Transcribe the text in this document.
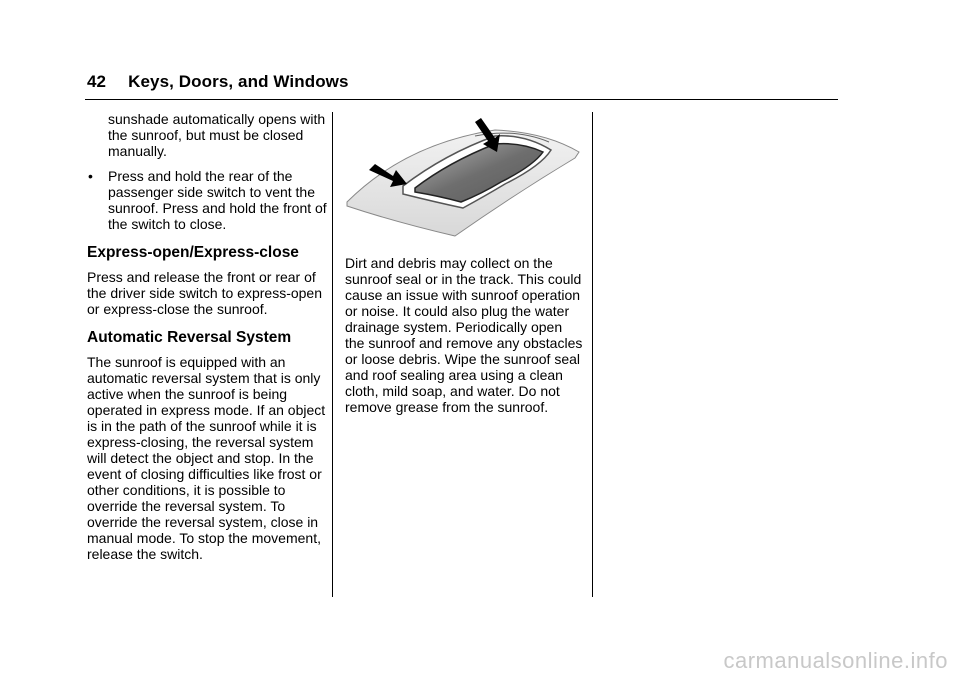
42 Keys, Doors, and Windows

sunshade automatically opens with the sunroof, but must be closed manually.

• Press and hold the rear of the passenger side switch to vent the sunroof. Press and hold the front of the switch to close.

Express-open/Express-close

Press and release the front or rear of the driver side switch to express-open or express-close the sunroof.

Automatic Reversal System

The sunroof is equipped with an automatic reversal system that is only active when the sunroof is being operated in express mode. If an object is in the path of the sunroof while it is express-closing, the reversal system will detect the object and stop. In the event of closing difficulties like frost or other conditions, it is possible to override the reversal system. To override the reversal system, close in manual mode. To stop the movement, release the switch.

Dirt and debris may collect on the sunroof seal or in the track. This could cause an issue with sunroof operation or noise. It could also plug the water drainage system. Periodically open the sunroof and remove any obstacles or loose debris. Wipe the sunroof seal and roof sealing area using a clean cloth, mild soap, and water. Do not remove grease from the sunroof.

carmanualsonline.info
